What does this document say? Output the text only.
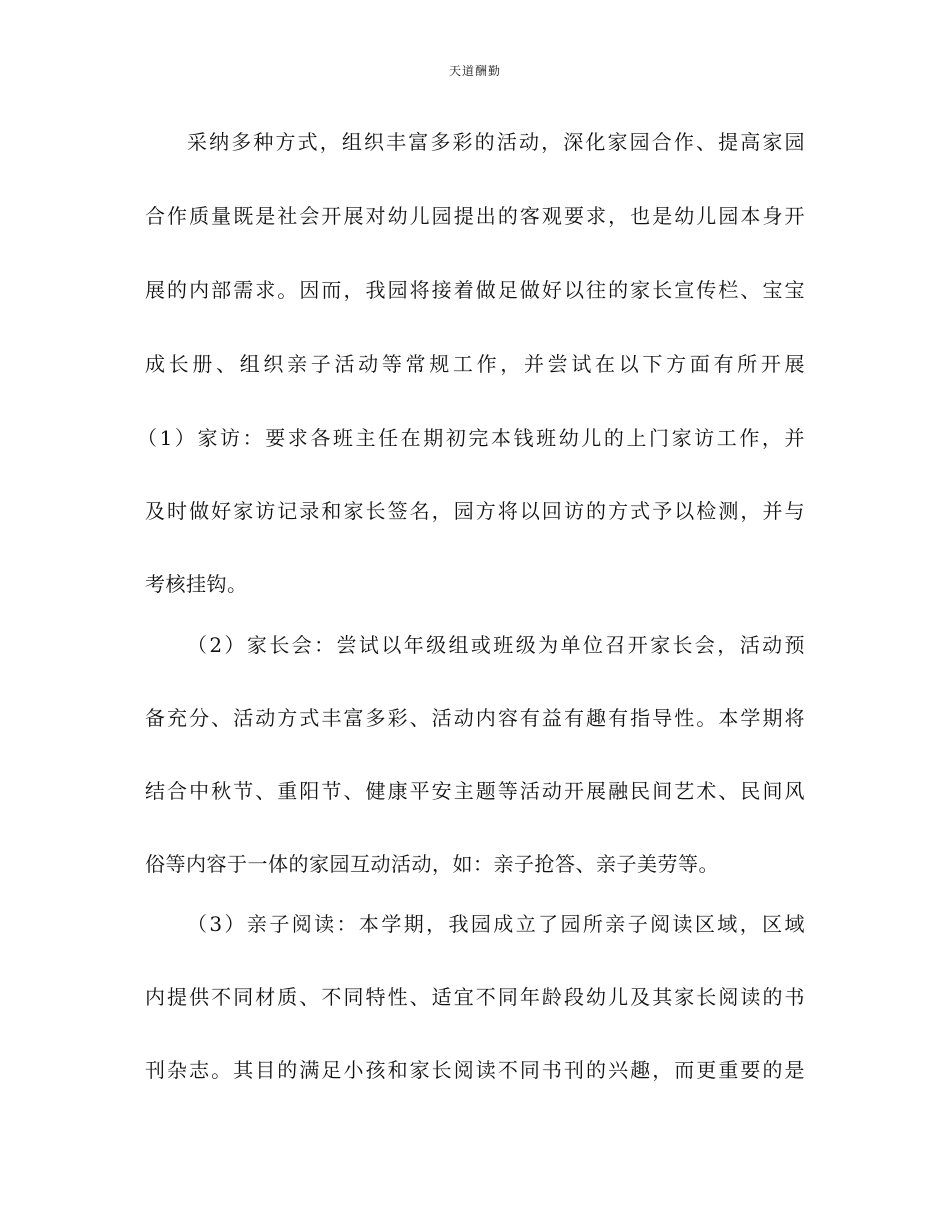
天道酬勤
采纳多种方式，组织丰富多彩的活动，深化家园合作、提高家园
合作质量既是社会开展对幼儿园提出的客观要求，也是幼儿园本身开
展的内部需求。因而，我园将接着做足做好以往的家长宣传栏、宝宝
成长册、组织亲子活动等常规工作，并尝试在以下方面有所开展
（1）家访：要求各班主任在期初完本钱班幼儿的上门家访工作，并
及时做好家访记录和家长签名，园方将以回访的方式予以检测，并与
考核挂钩。
（2）家长会：尝试以年级组或班级为单位召开家长会，活动预
备充分、活动方式丰富多彩、活动内容有益有趣有指导性。本学期将
结合中秋节、重阳节、健康平安主题等活动开展融民间艺术、民间风
俗等内容于一体的家园互动活动，如：亲子抢答、亲子美劳等。
（3）亲子阅读：本学期，我园成立了园所亲子阅读区域，区域
内提供不同材质、不同特性、适宜不同年龄段幼儿及其家长阅读的书
刊杂志。其目的满足小孩和家长阅读不同书刊的兴趣，而更重要的是
